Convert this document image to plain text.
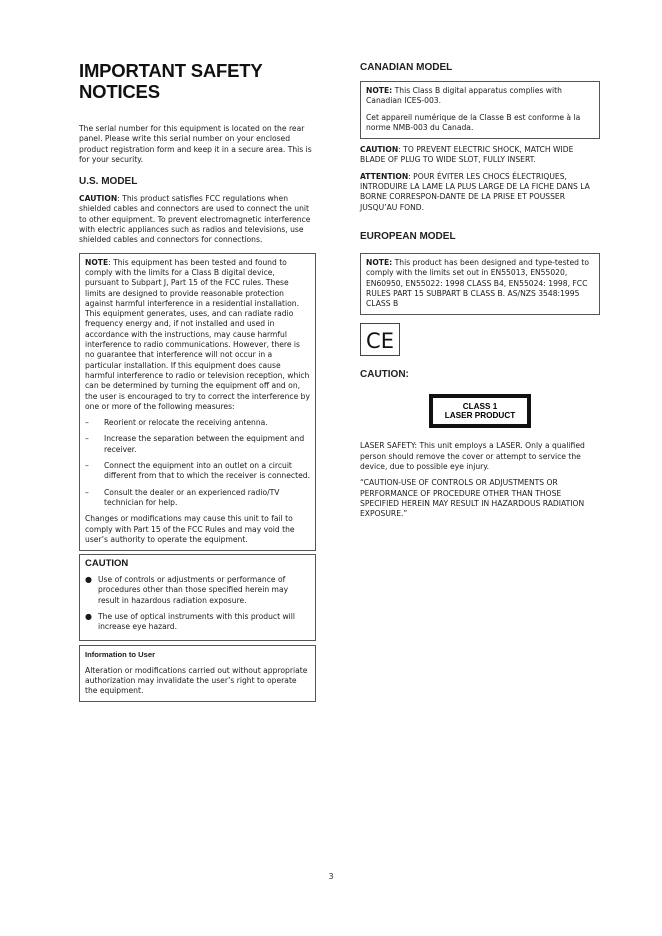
IMPORTANT SAFETY NOTICES

The serial number for this equipment is located on the rear panel. Please write this serial number on your enclosed product registration form and keep it in a secure area. This is for your security.

U.S. MODEL

CAUTION: This product satisfies FCC regulations when shielded cables and connectors are used to connect the unit to other equipment. To prevent electromagnetic interference with electric appliances such as radios and televisions, use shielded cables and connectors for connections.

NOTE: This equipment has been tested and found to comply with the limits for a Class B digital device, pursuant to Subpart J, Part 15 of the FCC rules. These limits are designed to provide reasonable protection against harmful interference in a residential installation. This equipment generates, uses, and can radiate radio frequency energy and, if not installed and used in accordance with the instructions, may cause harmful interference to radio communications. However, there is no guarantee that interference will not occur in a particular installation. If this equipment does cause harmful interference to radio or television reception, which can be determined by turning the equipment off and on, the user is encouraged to try to correct the interference by one or more of the following measures:

– Reorient or relocate the receiving antenna.
– Increase the separation between the equipment and receiver.
– Connect the equipment into an outlet on a circuit different from that to which the receiver is connected.
– Consult the dealer or an experienced radio/TV technician for help.

Changes or modifications may cause this unit to fail to comply with Part 15 of the FCC Rules and may void the user’s authority to operate the equipment.

CAUTION
● Use of controls or adjustments or performance of procedures other than those specified herein may result in hazardous radiation exposure.
● The use of optical instruments with this product will increase eye hazard.
Information to User

Alteration or modifications carried out without appropriate authorization may invalidate the user’s right to operate the equipment.

CANADIAN MODEL

NOTE: This Class B digital apparatus complies with Canadian ICES-003.

Cet appareil numérique de la Classe B est conforme à la norme NMB-003 du Canada.

CAUTION: TO PREVENT ELECTRIC SHOCK, MATCH WIDE BLADE OF PLUG TO WIDE SLOT, FULLY INSERT.

ATTENTION: POUR ÉVITER LES CHOCS ÉLECTRIQUES, INTRODUIRE LA LAME LA PLUS LARGE DE LA FICHE DANS LA BORNE CORRESPON-DANTE DE LA PRISE ET POUSSER JUSQU’AU FOND.

EUROPEAN MODEL

NOTE: This product has been designed and type-tested to comply with the limits set out in EN55013, EN55020, EN60950, EN55022: 1998 CLASS B4, EN55024: 1998, FCC RULES PART 15 SUBPART B CLASS B. AS/NZS 3548:1995 CLASS B

CE
CAUTION:
CLASS 1
LASER PRODUCT

LASER SAFETY: This unit employs a LASER. Only a qualified person should remove the cover or attempt to service the device, due to possible eye injury.

“CAUTION-USE OF CONTROLS OR ADJUSTMENTS OR PERFORMANCE OF PROCEDURE OTHER THAN THOSE SPECIFIED HEREIN MAY RESULT IN HAZARDOUS RADIATION EXPOSURE.”

3
